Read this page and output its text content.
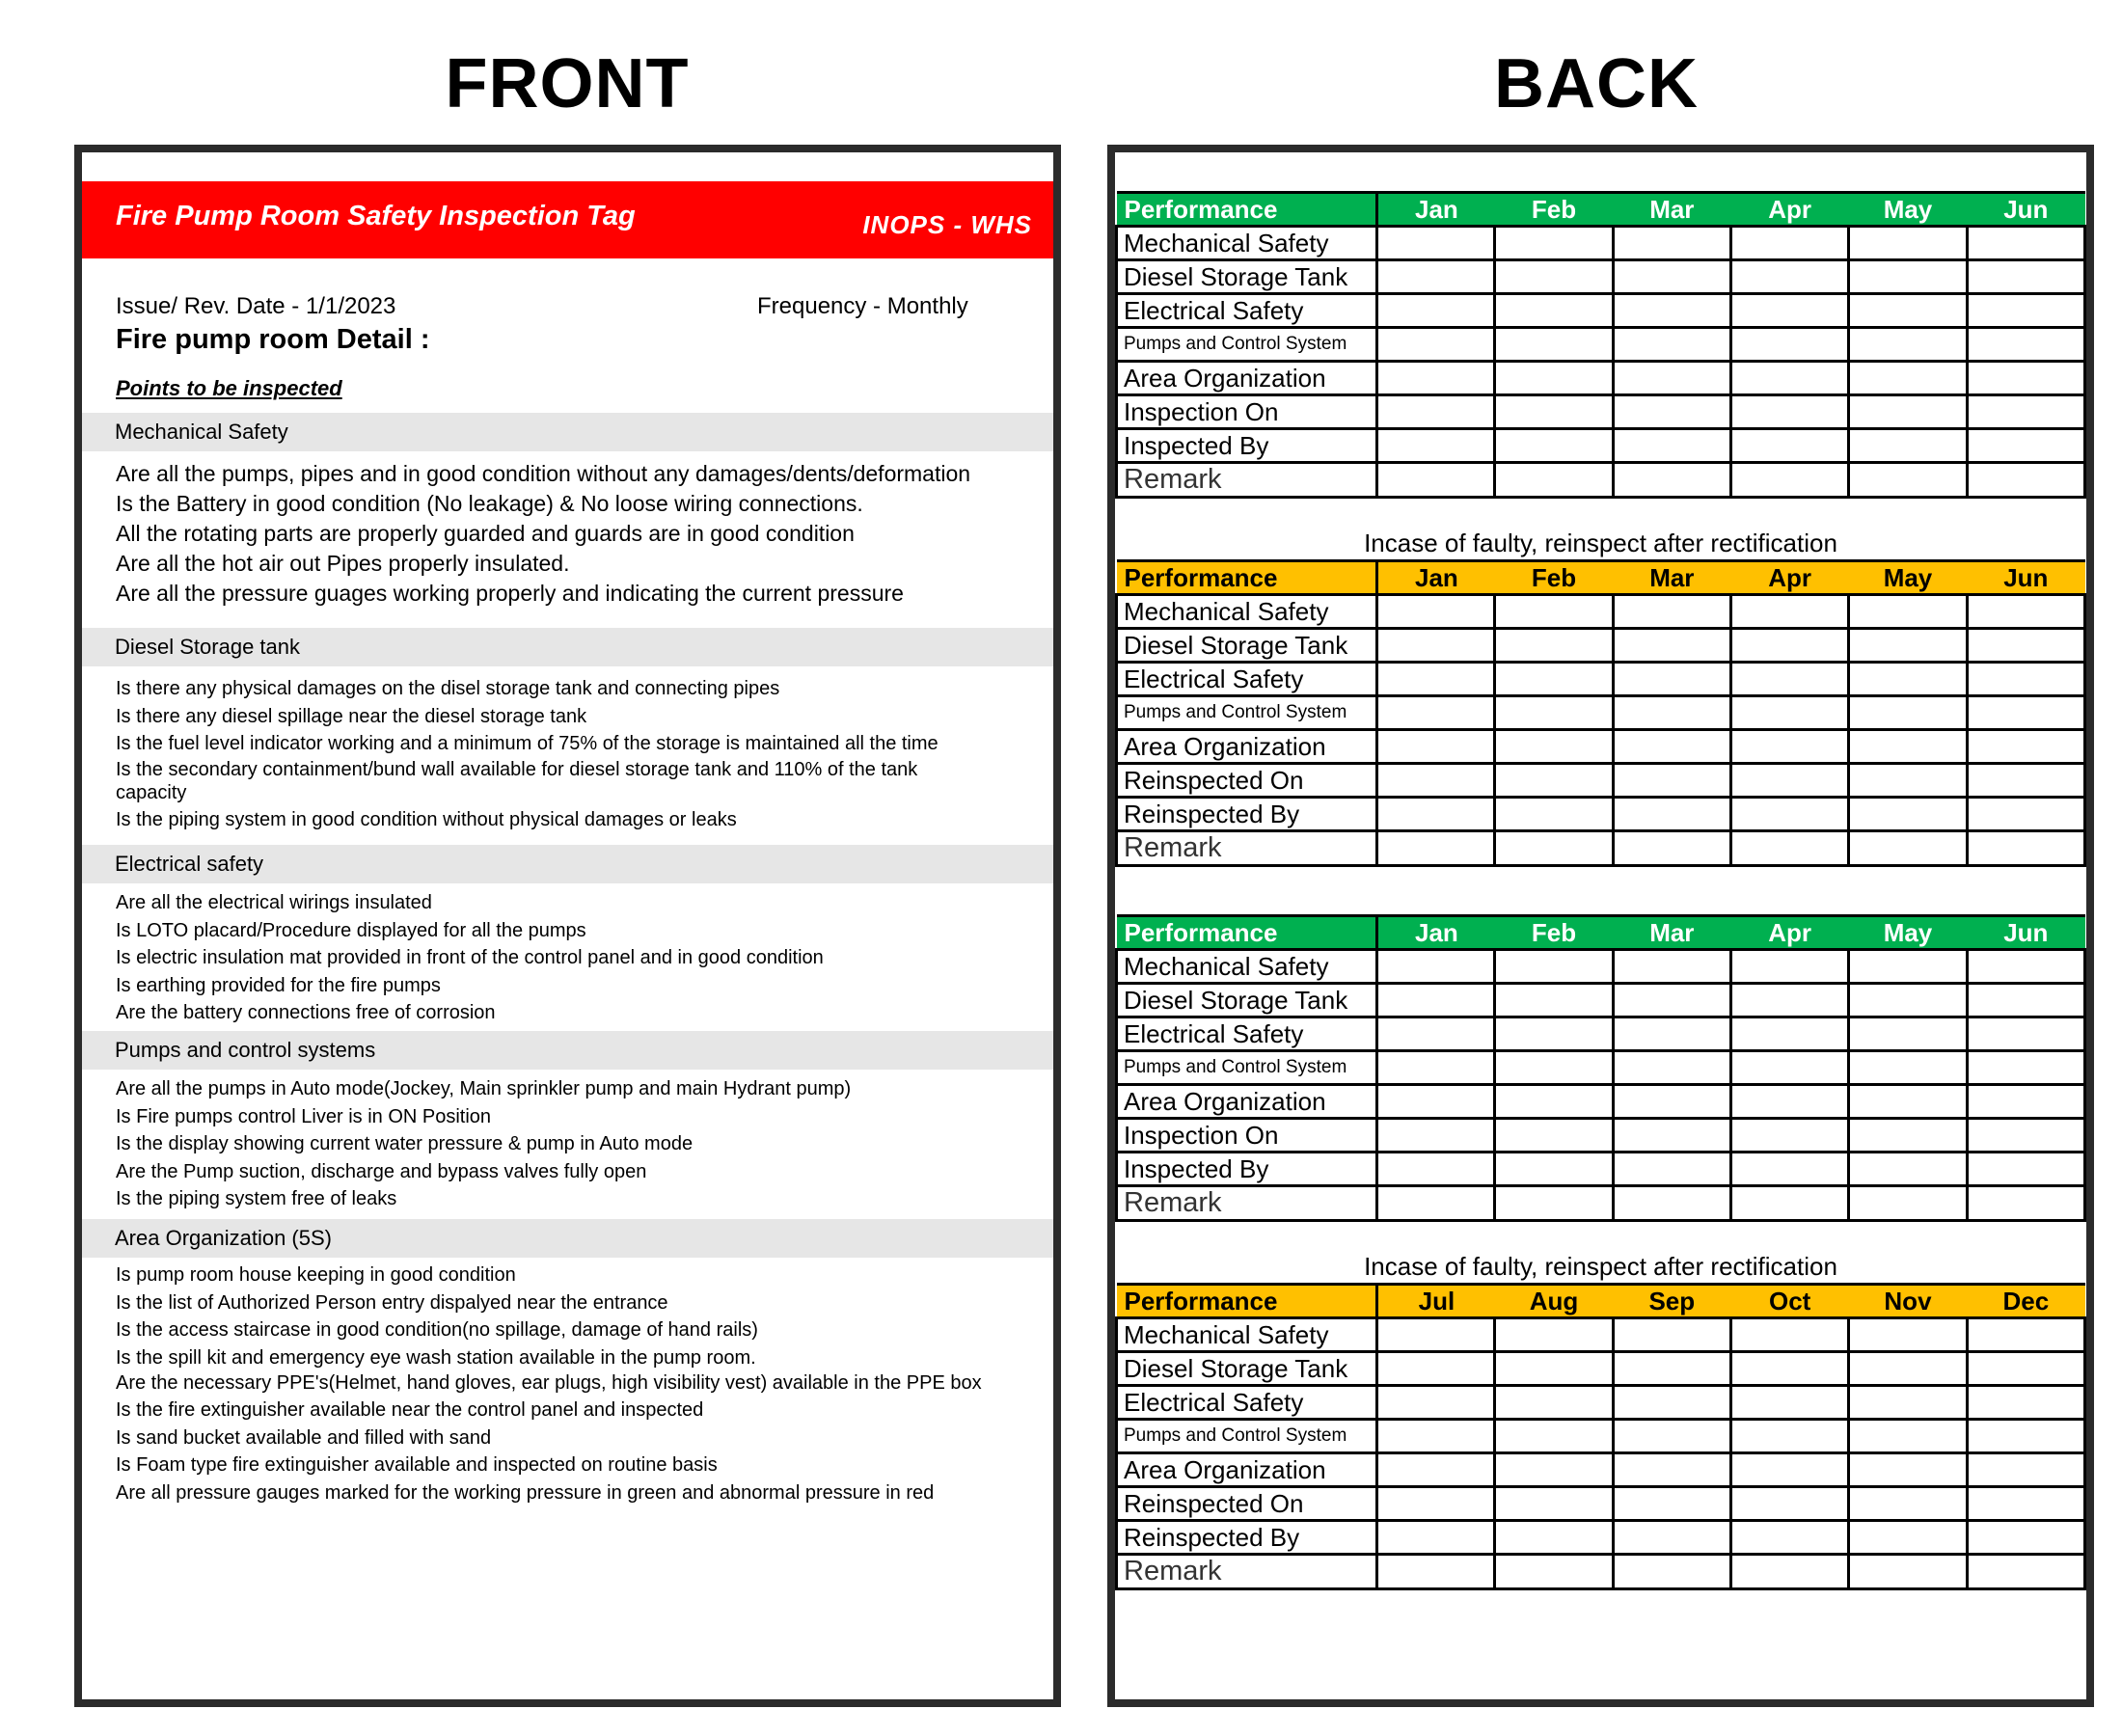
FRONT	BACK
Fire Pump Room Safety Inspection Tag	INOPS - WHS
Issue/ Rev. Date - 1/1/2023	Frequency - Monthly
Fire pump room Detail :
Points to be inspected
Mechanical Safety
Are all the pumps, pipes and in good condition without any damages/dents/deformation
Is the Battery in good condition (No leakage) & No loose wiring connections.
All the rotating parts are properly guarded and guards are in good condition
Are all the hot air out Pipes properly insulated.
Are all the pressure guages working properly and indicating the current pressure
Diesel Storage tank
Is there any physical damages on the disel storage tank and connecting pipes
Is there any diesel spillage near the diesel storage tank
Is the fuel level indicator working and a minimum of 75% of the storage is maintained all the time
Is the secondary containment/bund wall available for diesel storage tank and 110% of the tank capacity
Is the piping system in good condition without physical damages or leaks
Electrical safety
Are all the electrical wirings insulated
Is LOTO placard/Procedure displayed for all the pumps
Is electric insulation mat provided in front of the control panel and in good condition
Is earthing provided for the fire pumps
Are the battery connections free of corrosion
Pumps and control systems
Are all the pumps in Auto mode(Jockey, Main sprinkler pump and main Hydrant pump)
Is Fire pumps control Liver is in ON Position
Is the display showing current water pressure & pump in Auto mode
Are the Pump suction, discharge and bypass valves fully open
Is the piping system free of leaks
Area Organization (5S)
Is pump room house keeping in good condition
Is the list of Authorized Person entry dispalyed near the entrance
Is the access staircase in good condition(no spillage, damage of hand rails)
Is the spill kit and emergency eye wash station available in the pump room.
Are the necessary PPE's(Helmet, hand gloves, ear plugs, high visibility vest) available in the PPE box
Is the fire extinguisher available near the control panel and inspected
Is sand bucket available and filled with sand
Is Foam type fire extinguisher available and inspected on routine basis
Are all pressure gauges marked for the working pressure in green and abnormal pressure in red
Performance	Jan	Feb	Mar	Apr	May	Jun
Mechanical Safety						
Diesel Storage Tank						
Electrical Safety						
Pumps and Control System						
Area Organization						
Inspection On						
Inspected By						
Remark						
Performance	Jan	Feb	Mar	Apr	May	Jun
Mechanical Safety						
Diesel Storage Tank						
Electrical Safety						
Pumps and Control System						
Area Organization						
Reinspected On						
Reinspected By						
Remark						
Performance	Jan	Feb	Mar	Apr	May	Jun
Mechanical Safety						
Diesel Storage Tank						
Electrical Safety						
Pumps and Control System						
Area Organization						
Inspection On						
Inspected By						
Remark						
Performance	Jul	Aug	Sep	Oct	Nov	Dec
Mechanical Safety						
Diesel Storage Tank						
Electrical Safety						
Pumps and Control System						
Area Organization						
Reinspected On						
Reinspected By						
Remark						
Incase of faulty, reinspect after rectification
Incase of faulty, reinspect after rectification
